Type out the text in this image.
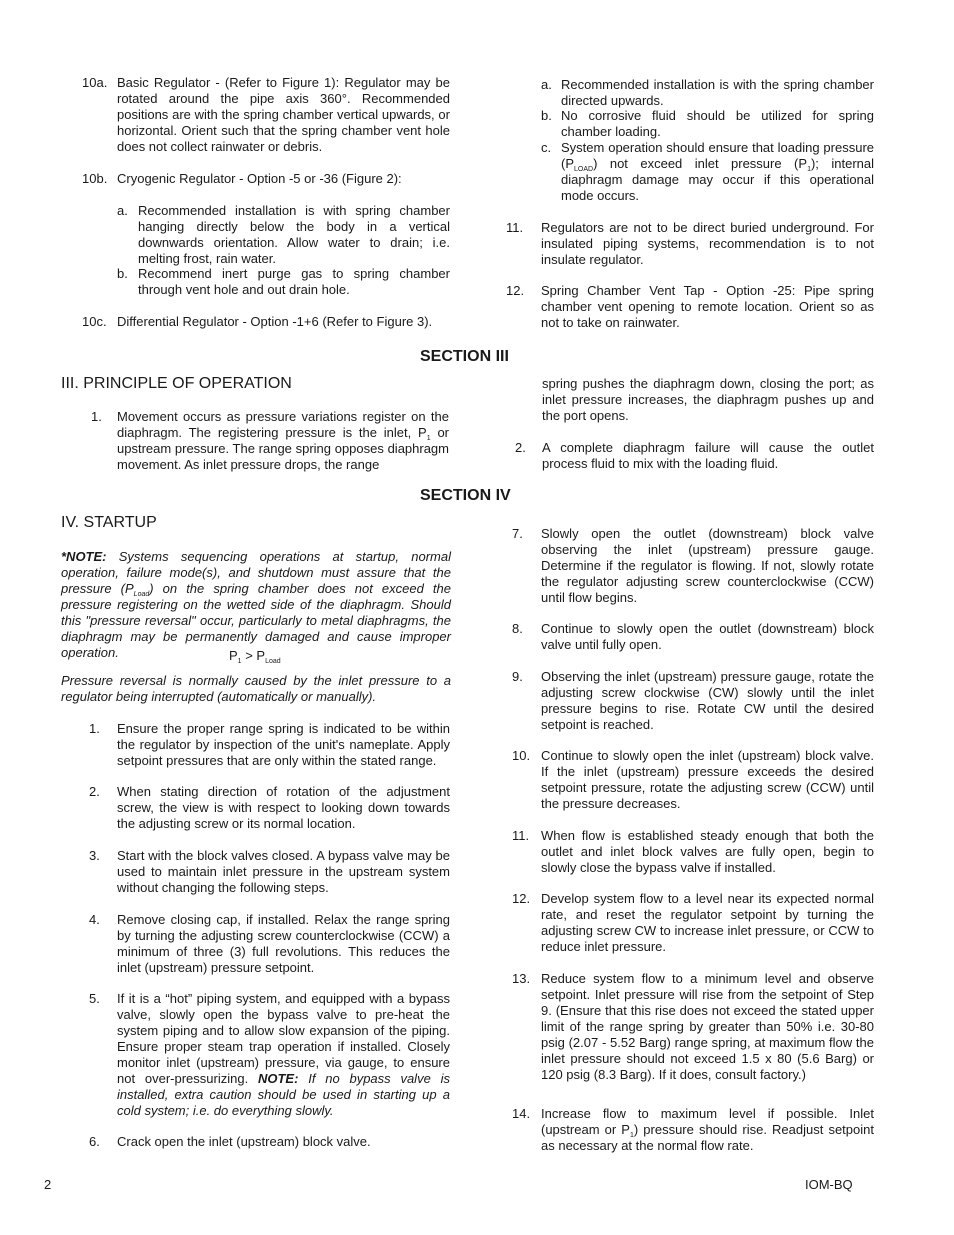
10a. Basic Regulator - (Refer to Figure 1): Regulator may be rotated around the pipe axis 360°. Recommended positions are with the spring chamber vertical upwards, or horizontal. Orient such that the spring chamber vent hole does not collect rainwater or debris.
10b. Cryogenic Regulator - Option -5 or -36 (Figure 2):
a. Recommended installation is with spring chamber hanging directly below the body in a vertical downwards orientation. Allow water to drain; i.e. melting frost, rain water.
b. Recommend inert purge gas to spring chamber through vent hole and out drain hole.
10c. Differential Regulator - Option -1+6 (Refer to Figure 3).
a. Recommended installation is with the spring chamber directed upwards.
b. No corrosive fluid should be utilized for spring chamber loading.
c. System operation should ensure that loading pressure $(P_{LOAD})$ not exceed inlet pressure $(P_1)$; internal diaphragm damage may occur if this operational mode occurs.
11. Regulators are not to be direct buried underground. For insulated piping systems, recommendation is to not insulate regulator.
12. Spring Chamber Vent Tap - Option -25: Pipe spring chamber vent opening to remote location. Orient so as not to take on rainwater.
SECTION III
III. PRINCIPLE OF OPERATION
1. Movement occurs as pressure variations register on the diaphragm. The registering pressure is the inlet, $P_1$ or upstream pressure. The range spring opposes diaphragm movement. As inlet pressure drops, the range
spring pushes the diaphragm down, closing the port; as inlet pressure increases, the diaphragm pushes up and the port opens.
2. A complete diaphragm failure will cause the outlet process fluid to mix with the loading fluid.
SECTION IV
IV. STARTUP
*NOTE: Systems sequencing operations at startup, normal operation, failure mode(s), and shutdown must assure that the pressure $(P_{Load})$ on the spring chamber does not exceed the pressure registering on the wetted side of the diaphragm. Should this "pressure reversal" occur, particularly to metal diaphragms, the diaphragm may be permanently damaged and cause improper operation.	$P_1 > P_{Load}$
Pressure reversal is normally caused by the inlet pressure to a regulator being interrupted (automatically or manually).
1. Ensure the proper range spring is indicated to be within the regulator by inspection of the unit's nameplate. Apply setpoint pressures that are only within the stated range.
2. When stating direction of rotation of the adjustment screw, the view is with respect to looking down towards the adjusting screw or its normal location.
3. Start with the block valves closed. A bypass valve may be used to maintain inlet pressure in the upstream system without changing the following steps.
4. Remove closing cap, if installed. Relax the range spring by turning the adjusting screw counterclockwise (CCW) a minimum of three (3) full revolutions. This reduces the inlet (upstream) pressure setpoint.
5. If it is a “hot” piping system, and equipped with a bypass valve, slowly open the bypass valve to pre-heat the system piping and to allow slow expansion of the piping. Ensure proper steam trap operation if installed. Closely monitor inlet (upstream) pressure, via gauge, to ensure not over-pressurizing. NOTE: If no bypass valve is installed, extra caution should be used in starting up a cold system; i.e. do everything slowly.
6. Crack open the inlet (upstream) block valve.
7. Slowly open the outlet (downstream) block valve observing the inlet (upstream) pressure gauge. Determine if the regulator is flowing. If not, slowly rotate the regulator adjusting screw counterclockwise (CCW) until flow begins.
8. Continue to slowly open the outlet (downstream) block valve until fully open.
9. Observing the inlet (upstream) pressure gauge, rotate the adjusting screw clockwise (CW) slowly until the inlet pressure begins to rise. Rotate CW until the desired setpoint is reached.
10. Continue to slowly open the inlet (upstream) block valve. If the inlet (upstream) pressure exceeds the desired setpoint pressure, rotate the adjusting screw (CCW) until the pressure decreases.
11. When flow is established steady enough that both the outlet and inlet block valves are fully open, begin to slowly close the bypass valve if installed.
12. Develop system flow to a level near its expected normal rate, and reset the regulator setpoint by turning the adjusting screw CW to increase inlet pressure, or CCW to reduce inlet pressure.
13. Reduce system flow to a minimum level and observe setpoint. Inlet pressure will rise from the setpoint of Step 9. (Ensure that this rise does not exceed the stated upper limit of the range spring by greater than 50% i.e. 30-80 psig (2.07 - 5.52 Barg) range spring, at maximum flow the inlet pressure should not exceed 1.5 x 80 (5.6 Barg) or 120 psig (8.3 Barg). If it does, consult factory.)
14. Increase flow to maximum level if possible. Inlet (upstream or $P_1$) pressure should rise. Readjust setpoint as necessary at the normal flow rate.
2	IOM-BQ
